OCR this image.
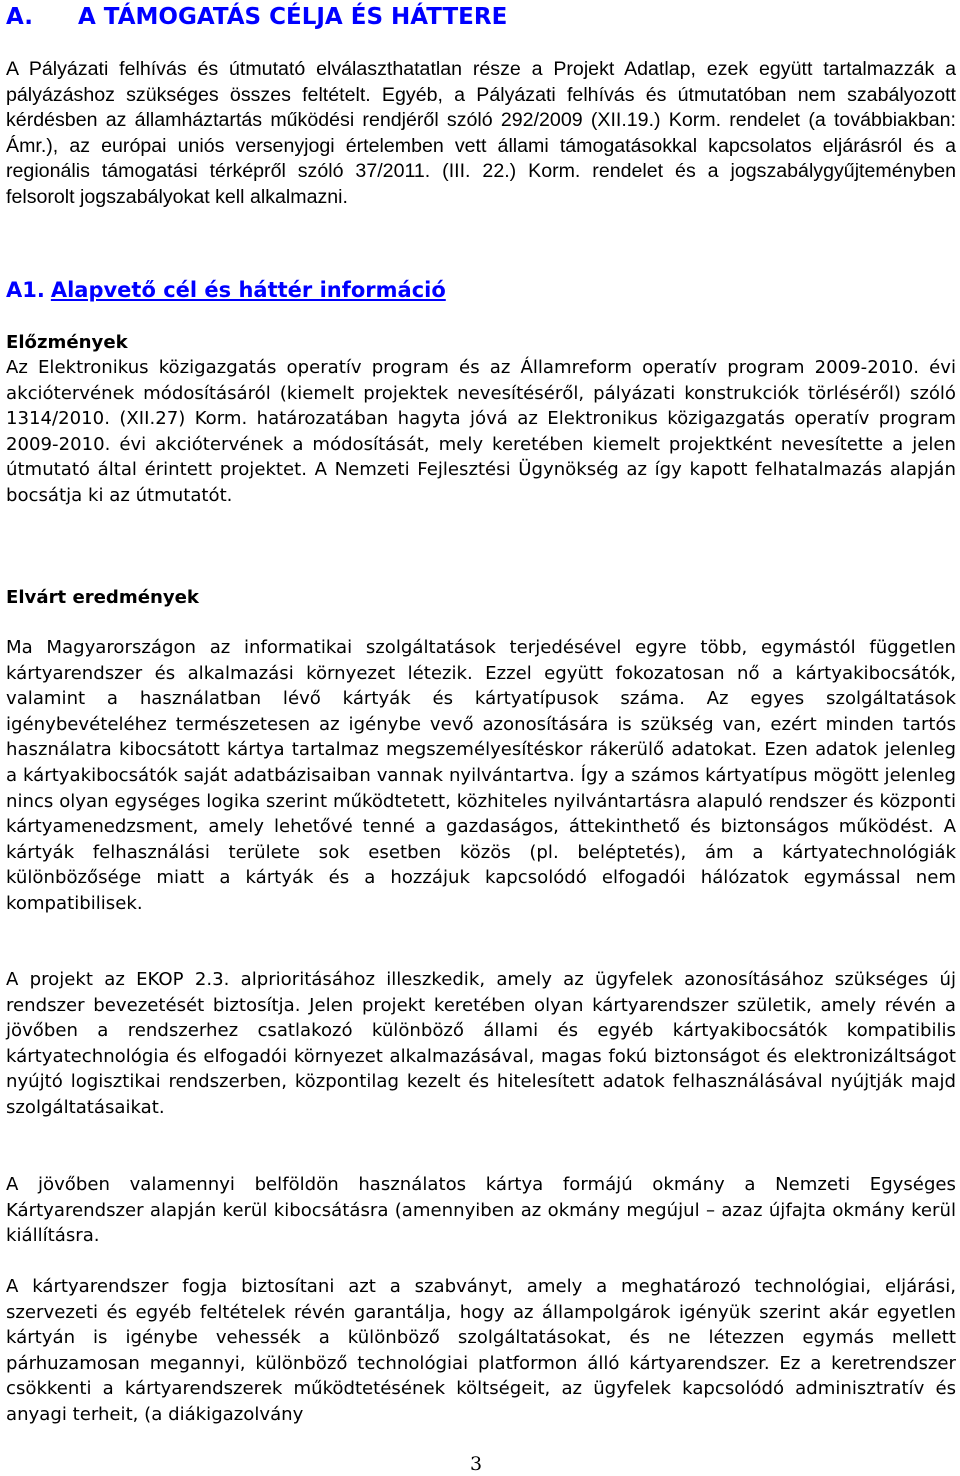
A. A TÁMOGATÁS CÉLJA ÉS HÁTTERE
A Pályázati felhívás és útmutató elválaszthatatlan része a Projekt Adatlap, ezek együtt tartalmazzák a pályázáshoz szükséges összes feltételt. Egyéb, a Pályázati felhívás és útmutatóban nem szabályozott kérdésben az államháztartás működési rendjéről szóló 292/2009 (XII.19.) Korm. rendelet (a továbbiakban: Ámr.), az európai uniós versenyjogi értelemben vett állami támogatásokkal kapcsolatos eljárásról és a regionális támogatási térképről szóló 37/2011. (III. 22.) Korm. rendelet és a jogszabálygyűjteményben felsorolt jogszabályokat kell alkalmazni.
A1. Alapvető cél és háttér információ
Előzmények
Az Elektronikus közigazgatás operatív program és az Államreform operatív program 2009-2010. évi akciótervének módosításáról (kiemelt projektek nevesítéséről, pályázati konstrukciók törléséről) szóló 1314/2010. (XII.27) Korm. határozatában hagyta jóvá az Elektronikus közigazgatás operatív program 2009-2010. évi akciótervének a módosítását, mely keretében kiemelt projektként nevesítette a jelen útmutató által érintett projektet. A Nemzeti Fejlesztési Ügynökség az így kapott felhatalmazás alapján bocsátja ki az útmutatót.
Elvárt eredmények
Ma Magyarországon az informatikai szolgáltatások terjedésével egyre több, egymástól független kártyarendszer és alkalmazási környezet létezik. Ezzel együtt fokozatosan nő a kártyakibocsátók, valamint a használatban lévő kártyák és kártyatípusok száma. Az egyes szolgáltatások igénybevételéhez természetesen az igénybe vevő azonosítására is szükség van, ezért minden tartós használatra kibocsátott kártya tartalmaz megszemélyesítéskor rákerülő adatokat. Ezen adatok jelenleg a kártyakibocsátók saját adatbázisaiban vannak nyilvántartva. Így a számos kártyatípus mögött jelenleg nincs olyan egységes logika szerint működtetett, közhiteles nyilvántartásra alapuló rendszer és központi kártyamenedzsment, amely lehetővé tenné a gazdaságos, áttekinthető és biztonságos működést. A kártyák felhasználási területe sok esetben közös (pl. beléptetés), ám a kártyatechnológiák különbözősége miatt a kártyák és a hozzájuk kapcsolódó elfogadói hálózatok egymással nem kompatibilisek.
A projekt az EKOP 2.3. alprioritásához illeszkedik, amely az ügyfelek azonosításához szükséges új rendszer bevezetését biztosítja. Jelen projekt keretében olyan kártyarendszer születik, amely révén a jövőben a rendszerhez csatlakozó különböző állami és egyéb kártyakibocsátók kompatibilis kártyatechnológia és elfogadói környezet alkalmazásával, magas fokú biztonságot és elektronizáltságot nyújtó logisztikai rendszerben, központilag kezelt és hitelesített adatok felhasználásával nyújtják majd szolgáltatásaikat.
A jövőben valamennyi belföldön használatos kártya formájú okmány a Nemzeti Egységes Kártyarendszer alapján kerül kibocsátásra (amennyiben az okmány megújul – azaz újfajta okmány kerül kiállításra.
A kártyarendszer fogja biztosítani azt a szabványt, amely a meghatározó technológiai, eljárási, szervezeti és egyéb feltételek révén garantálja, hogy az állampolgárok igényük szerint akár egyetlen kártyán is igénybe vehessék a különböző szolgáltatásokat, és ne létezzen egymás mellett párhuzamosan megannyi, különböző technológiai platformon álló kártyarendszer. Ez a keretrendszer csökkenti a kártyarendszerek működtetésének költségeit, az ügyfelek kapcsolódó adminisztratív és anyagi terheit, (a diákigazolvány
3
